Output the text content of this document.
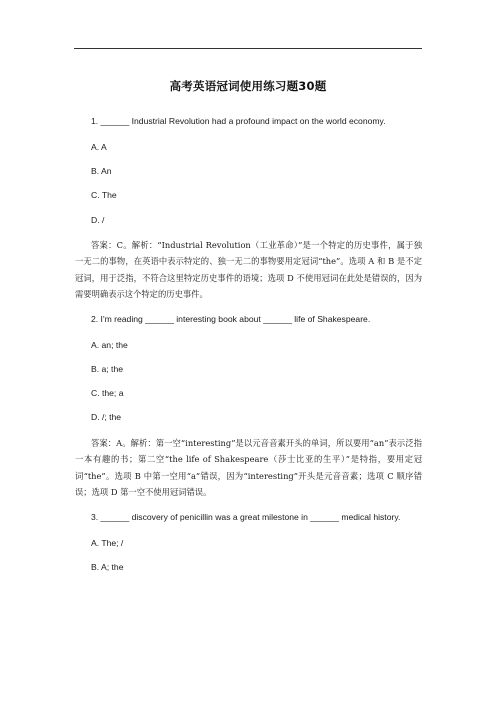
高考英语冠词使用练习题30题
1. ______ Industrial Revolution had a profound impact on the world economy.
A. A
B. An
C. The
D. /
答案：C。解析：“Industrial Revolution（工业革命）”是一个特定的历史事件，属于独一无二的事物，在英语中表示特定的、独一无二的事物要用定冠词“the”。选项 A 和 B 是不定冠词，用于泛指，不符合这里特定历史事件的语境；选项 D 不使用冠词在此处是错误的，因为需要明确表示这个特定的历史事件。
2. I'm reading ______ interesting book about ______ life of Shakespeare.
A. an; the
B. a; the
C. the; a
D. /; the
答案：A。解析：第一空“interesting”是以元音音素开头的单词，所以要用“an”表示泛指一本有趣的书；第二空“the life of Shakespeare（莎士比亚的生平）”是特指，要用定冠词“the”。选项 B 中第一空用“a”错误，因为“interesting”开头是元音音素；选项 C 顺序错误；选项 D 第一空不使用冠词错误。
3. ______ discovery of penicillin was a great milestone in ______ medical history.
A. The; /
B. A; the
